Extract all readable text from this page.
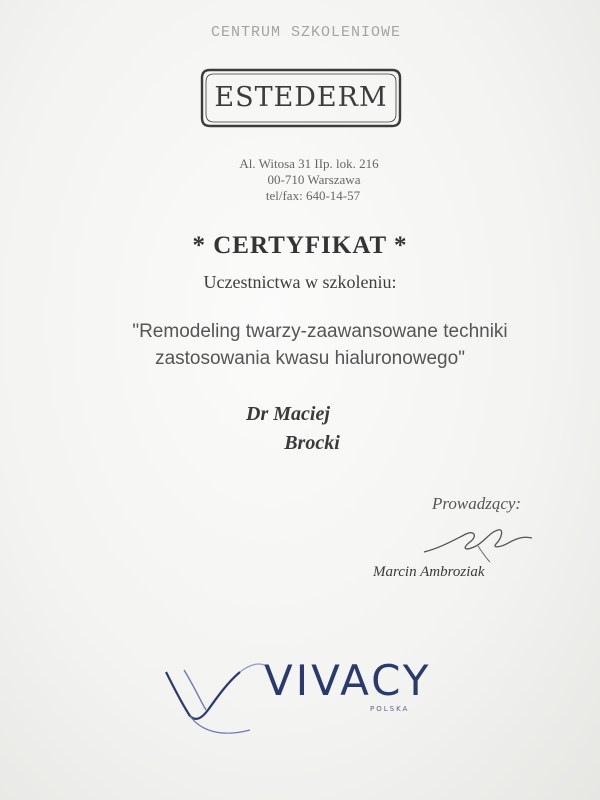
CENTRUM SZKOLENIOWE
ESTEDERM
Al. Witosa 31 IIp. lok. 216
00-710 Warszawa
tel/fax: 640-14-57
* CERTYFIKAT *
Uczestnictwa w szkoleniu:
"Remodeling twarzy-zaawansowane techniki
zastosowania kwasu hialuronowego"
Dr Maciej
Brocki
Prowadzący:
Marcin Ambroziak
VIVACY
POLSKA
